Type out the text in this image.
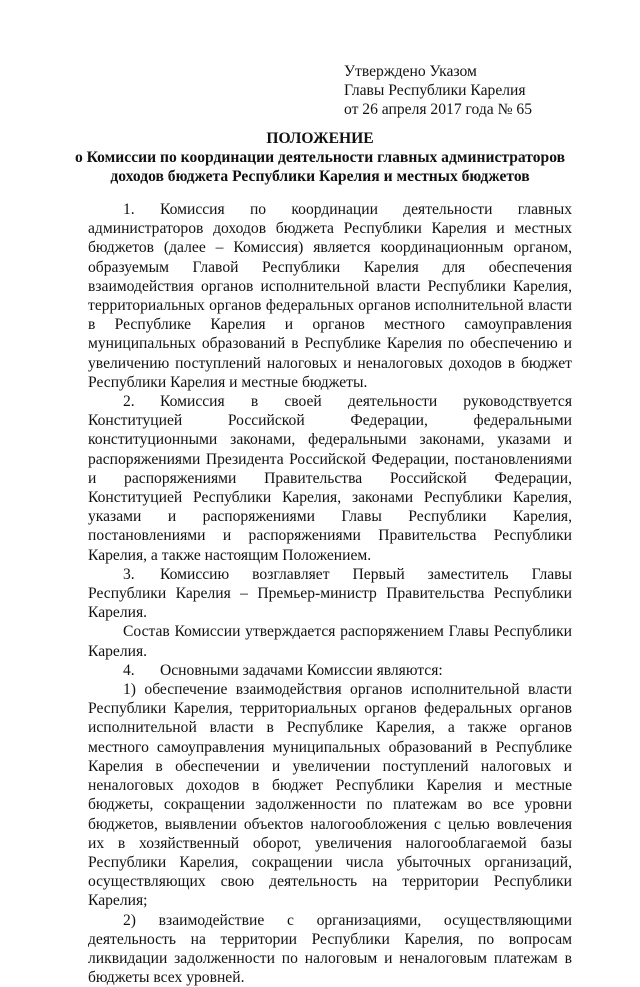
Утверждено Указом
Главы Республики Карелия
от 26 апреля 2017 года № 65
ПОЛОЖЕНИЕ
о Комиссии по координации деятельности главных администраторов
доходов бюджета Республики Карелия и местных бюджетов

1. Комиссия по координации деятельности главных администраторов доходов бюджета Республики Карелия и местных бюджетов (далее – Комиссия) является координационным органом, образуемым Главой Республики Карелия для обеспечения взаимодействия органов исполнительной власти Республики Карелия, территориальных органов федеральных органов исполнительной власти в Республике Карелия и органов местного самоуправления муниципальных образований в Республике Карелия по обеспечению и увеличению поступлений налоговых и неналоговых доходов в бюджет Республики Карелия и местные бюджеты.

2. Комиссия в своей деятельности руководствуется Конституцией Российской Федерации, федеральными конституционными законами, федеральными законами, указами и распоряжениями Президента Российской Федерации, постановлениями и распоряжениями Правительства Российской Федерации, Конституцией Республики Карелия, законами Республики Карелия, указами и распоряжениями Главы Республики Карелия, постановлениями и распоряжениями Правительства Республики Карелия, а также настоящим Положением.

3. Комиссию возглавляет Первый заместитель Главы Республики Карелия – Премьер-министр Правительства Республики Карелия.

Состав Комиссии утверждается распоряжением Главы Республики Карелия.

4. Основными задачами Комиссии являются:

1) обеспечение взаимодействия органов исполнительной власти Республики Карелия, территориальных органов федеральных органов исполнительной власти в Республике Карелия, а также органов местного самоуправления муниципальных образований в Республике Карелия в обеспечении и увеличении поступлений налоговых и неналоговых доходов в бюджет Республики Карелия и местные бюджеты, сокращении задолженности по платежам во все уровни бюджетов, выявлении объектов налогообложения с целью вовлечения их в хозяйственный оборот, увеличения налогооблагаемой базы Республики Карелия, сокращении числа убыточных организаций, осуществляющих свою деятельность на территории Республики Карелия;

2) взаимодействие с организациями, осуществляющими деятельность на территории Республики Карелия, по вопросам ликвидации задолженности по налоговым и неналоговым платежам в бюджеты всех уровней.
